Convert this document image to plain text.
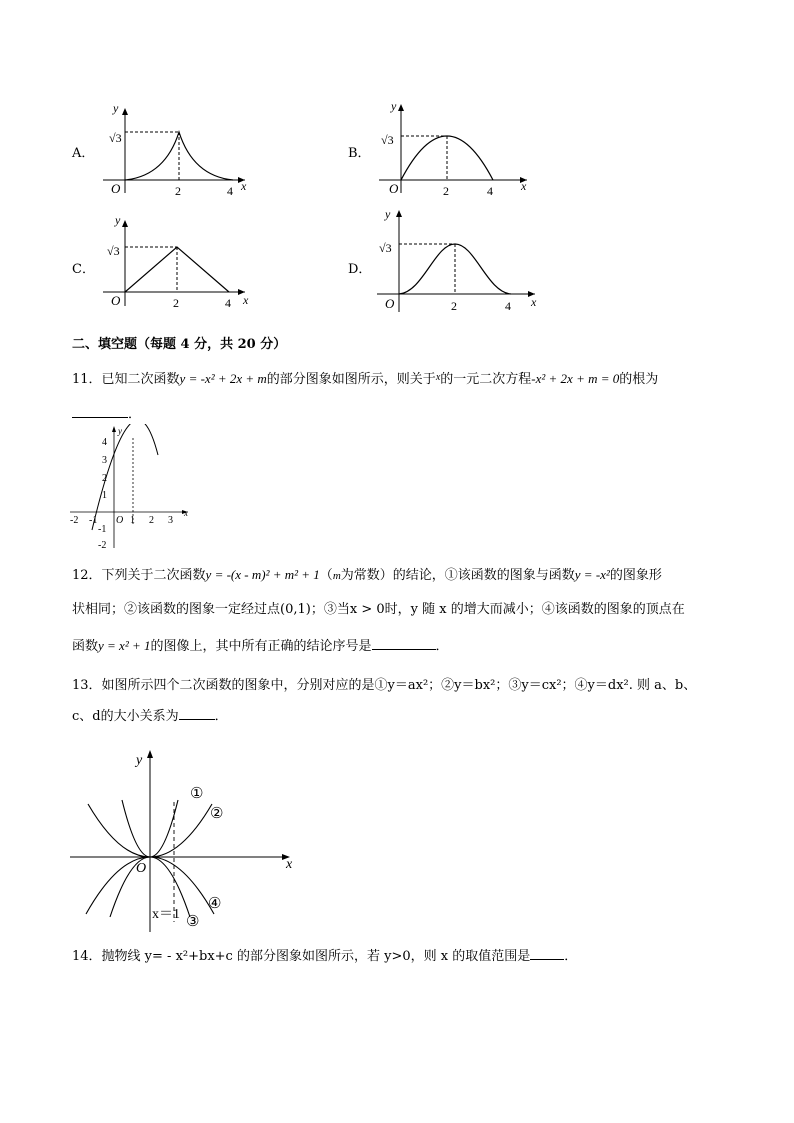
A．
√3
O	2	4 x
y
B．
√3
O	2	4 x
y
C．
√3
O	2	4 x
y
D．
√3
O	2	4 x
y
二、填空题（每题 4 分，共 20 分）
11．已知二次函数y = -x² + 2x + m的部分图象如图所示，则关于$^x$的一元二次方程-x² + 2x + m = 0的根为
．
4
3
2
1
-1
-2
-2 -1 O 1 2 3
x
y
12．下列关于二次函数y = -(x - m)² + m² + 1（m为常数）的结论，①该函数的图象与函数y = -x²的图象形
状相同；②该函数的图象一定经过点(0,1)；③当x > 0时，y 随 x 的增大而减小；④该函数的图象的顶点在
函数y = x² + 1的图像上，其中所有正确的结论序号是	．
13．如图所示四个二次函数的图象中，分别对应的是①y＝ax²；②y＝bx²；③y＝cx²；④y＝dx². 则 a、b、
c、d的大小关系为	．
y
x
O
x＝1
①
②
③
④
14．抛物线 y= - x²+bx+c 的部分图象如图所示，若 y>0，则 x 的取值范围是	．
